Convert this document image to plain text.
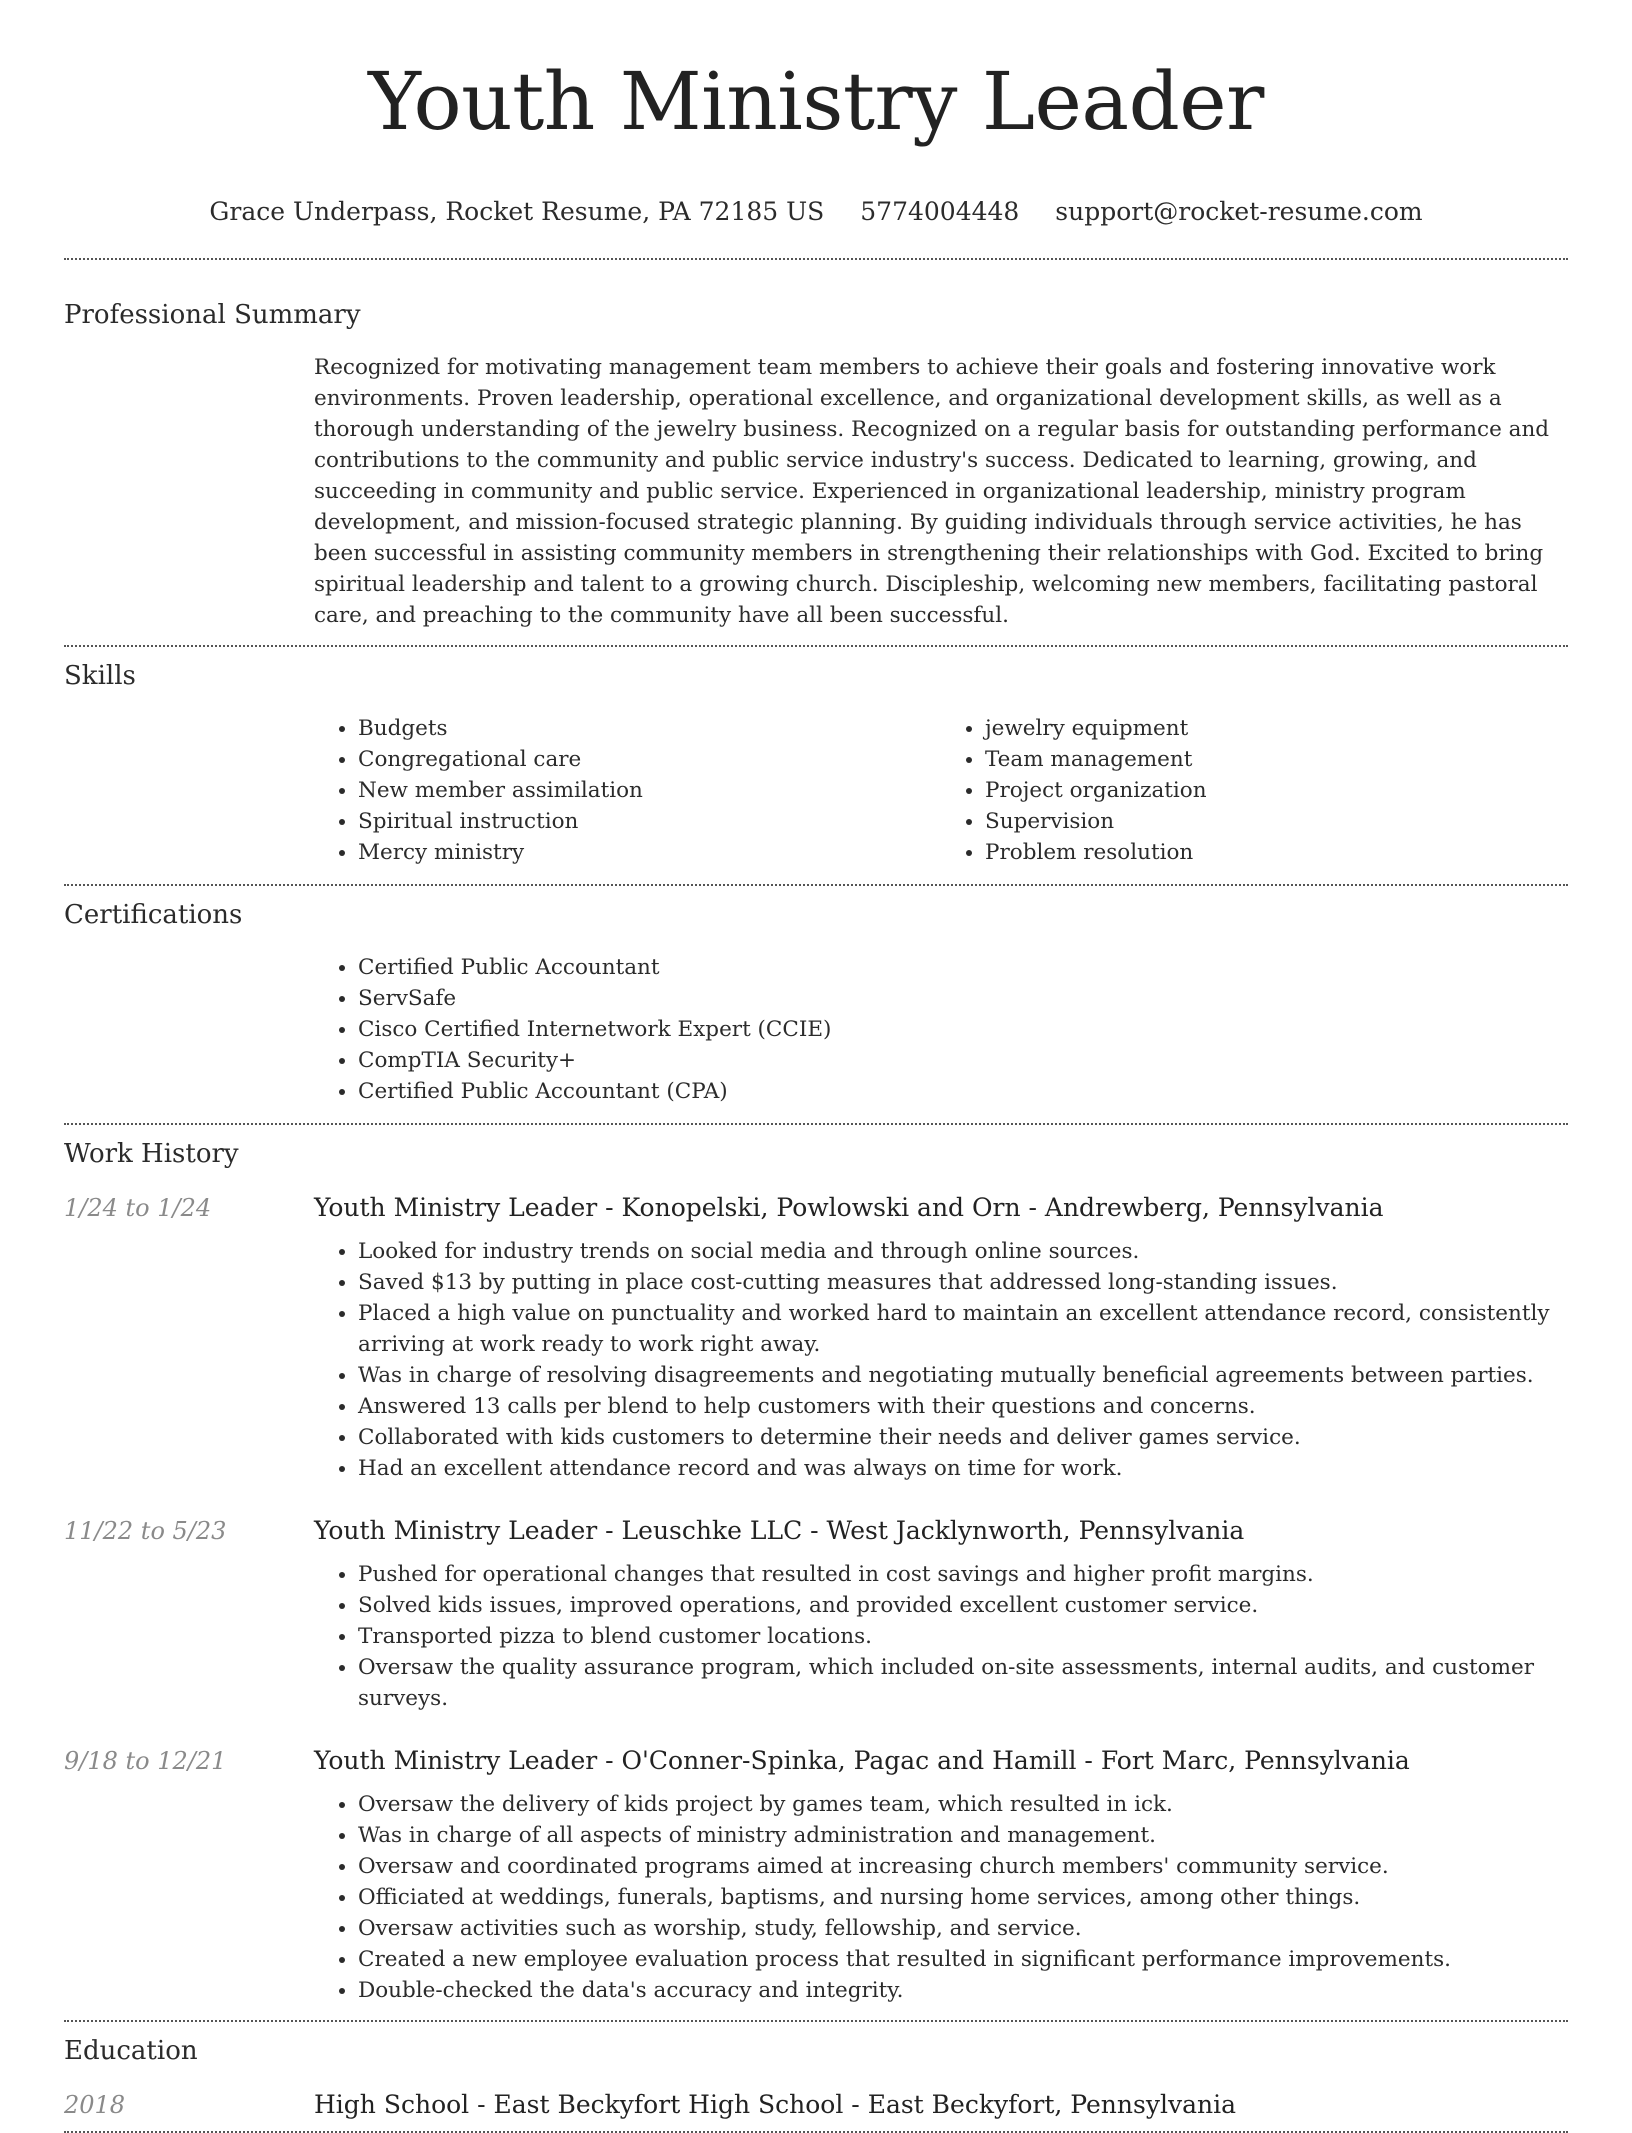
Youth Ministry Leader
Grace Underpass, Rocket Resume, PA 72185 US 5774004448 support@rocket-resume.com
Professional Summary

Recognized for motivating management team members to achieve their goals and fostering innovative work environments. Proven leadership, operational excellence, and organizational development skills, as well as a thorough understanding of the jewelry business. Recognized on a regular basis for outstanding performance and contributions to the community and public service industry's success. Dedicated to learning, growing, and succeeding in community and public service. Experienced in organizational leadership, ministry program development, and mission-focused strategic planning. By guiding individuals through service activities, he has been successful in assisting community members in strengthening their relationships with God. Excited to bring spiritual leadership and talent to a growing church. Discipleship, welcoming new members, facilitating pastoral care, and preaching to the community have all been successful.

Skills
• Budgets
• Congregational care
• New member assimilation
• Spiritual instruction
• Mercy ministry
• jewelry equipment
• Team management
• Project organization
• Supervision
• Problem resolution
Certifications
• Certified Public Accountant
• ServSafe
• Cisco Certified Internetwork Expert (CCIE)
• CompTIA Security+
• Certified Public Accountant (CPA)
Work History
1/24 to 1/24	Youth Ministry Leader - Konopelski, Powlowski and Orn - Andrewberg, Pennsylvania
• Looked for industry trends on social media and through online sources.
• Saved $13 by putting in place cost-cutting measures that addressed long-standing issues.
• Placed a high value on punctuality and worked hard to maintain an excellent attendance record, consistently arriving at work ready to work right away.
• Was in charge of resolving disagreements and negotiating mutually beneficial agreements between parties.
• Answered 13 calls per blend to help customers with their questions and concerns.
• Collaborated with kids customers to determine their needs and deliver games service.
• Had an excellent attendance record and was always on time for work.
11/22 to 5/23	Youth Ministry Leader - Leuschke LLC - West Jacklynworth, Pennsylvania
• Pushed for operational changes that resulted in cost savings and higher profit margins.
• Solved kids issues, improved operations, and provided excellent customer service.
• Transported pizza to blend customer locations.
• Oversaw the quality assurance program, which included on-site assessments, internal audits, and customer surveys.
9/18 to 12/21	Youth Ministry Leader - O'Conner-Spinka, Pagac and Hamill - Fort Marc, Pennsylvania
• Oversaw the delivery of kids project by games team, which resulted in ick.
• Was in charge of all aspects of ministry administration and management.
• Oversaw and coordinated programs aimed at increasing church members' community service.
• Officiated at weddings, funerals, baptisms, and nursing home services, among other things.
• Oversaw activities such as worship, study, fellowship, and service.
• Created a new employee evaluation process that resulted in significant performance improvements.
• Double-checked the data's accuracy and integrity.
Education
2018	High School - East Beckyfort High School - East Beckyfort, Pennsylvania
